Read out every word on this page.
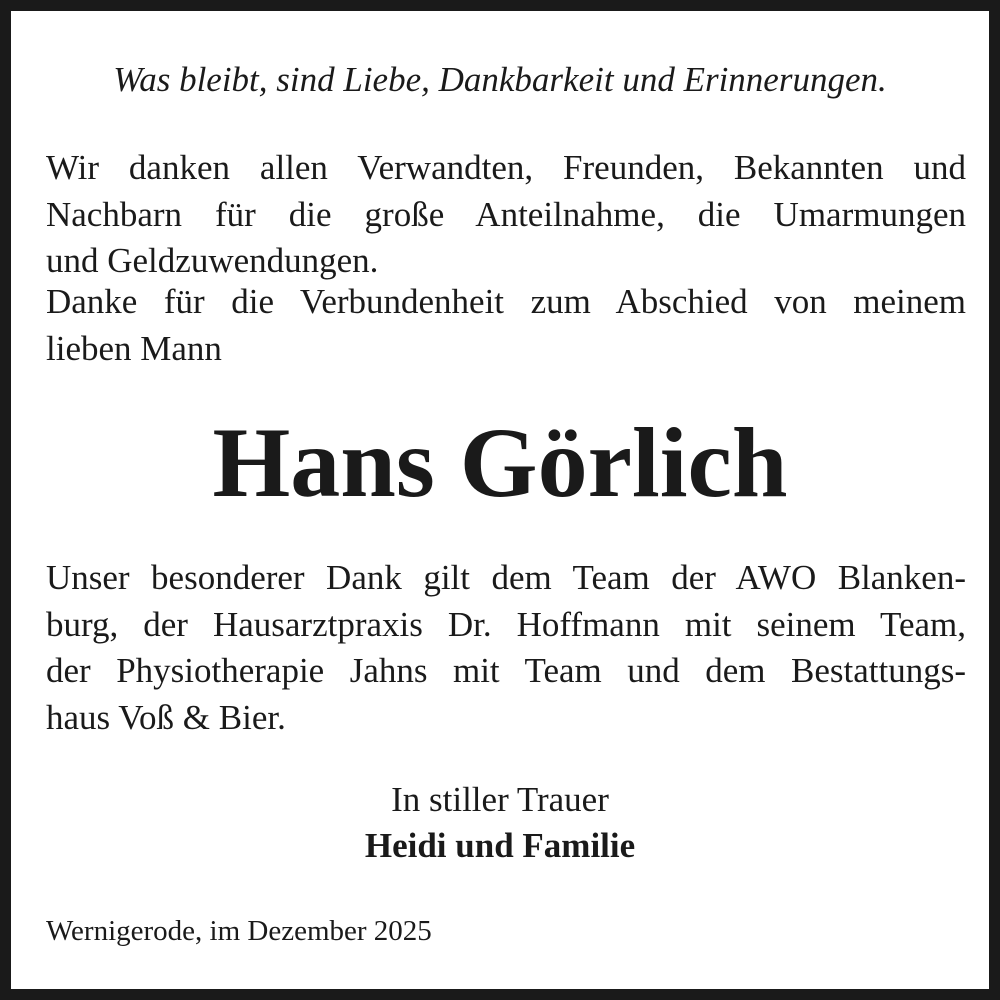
Was bleibt, sind Liebe, Dankbarkeit und Erinnerungen.
Wir danken allen Verwandten, Freunden, Bekannten und
Nachbarn für die große Anteilnahme, die Umarmungen
und Geldzuwendungen.
Danke für die Verbundenheit zum Abschied von meinem
lieben Mann
Hans Görlich
Unser besonderer Dank gilt dem Team der AWO Blanken-
burg, der Hausarztpraxis Dr. Hoffmann mit seinem Team,
der Physiotherapie Jahns mit Team und dem Bestattungs-
haus Voß & Bier.
In stiller Trauer
Heidi und Familie
Wernigerode, im Dezember 2025
